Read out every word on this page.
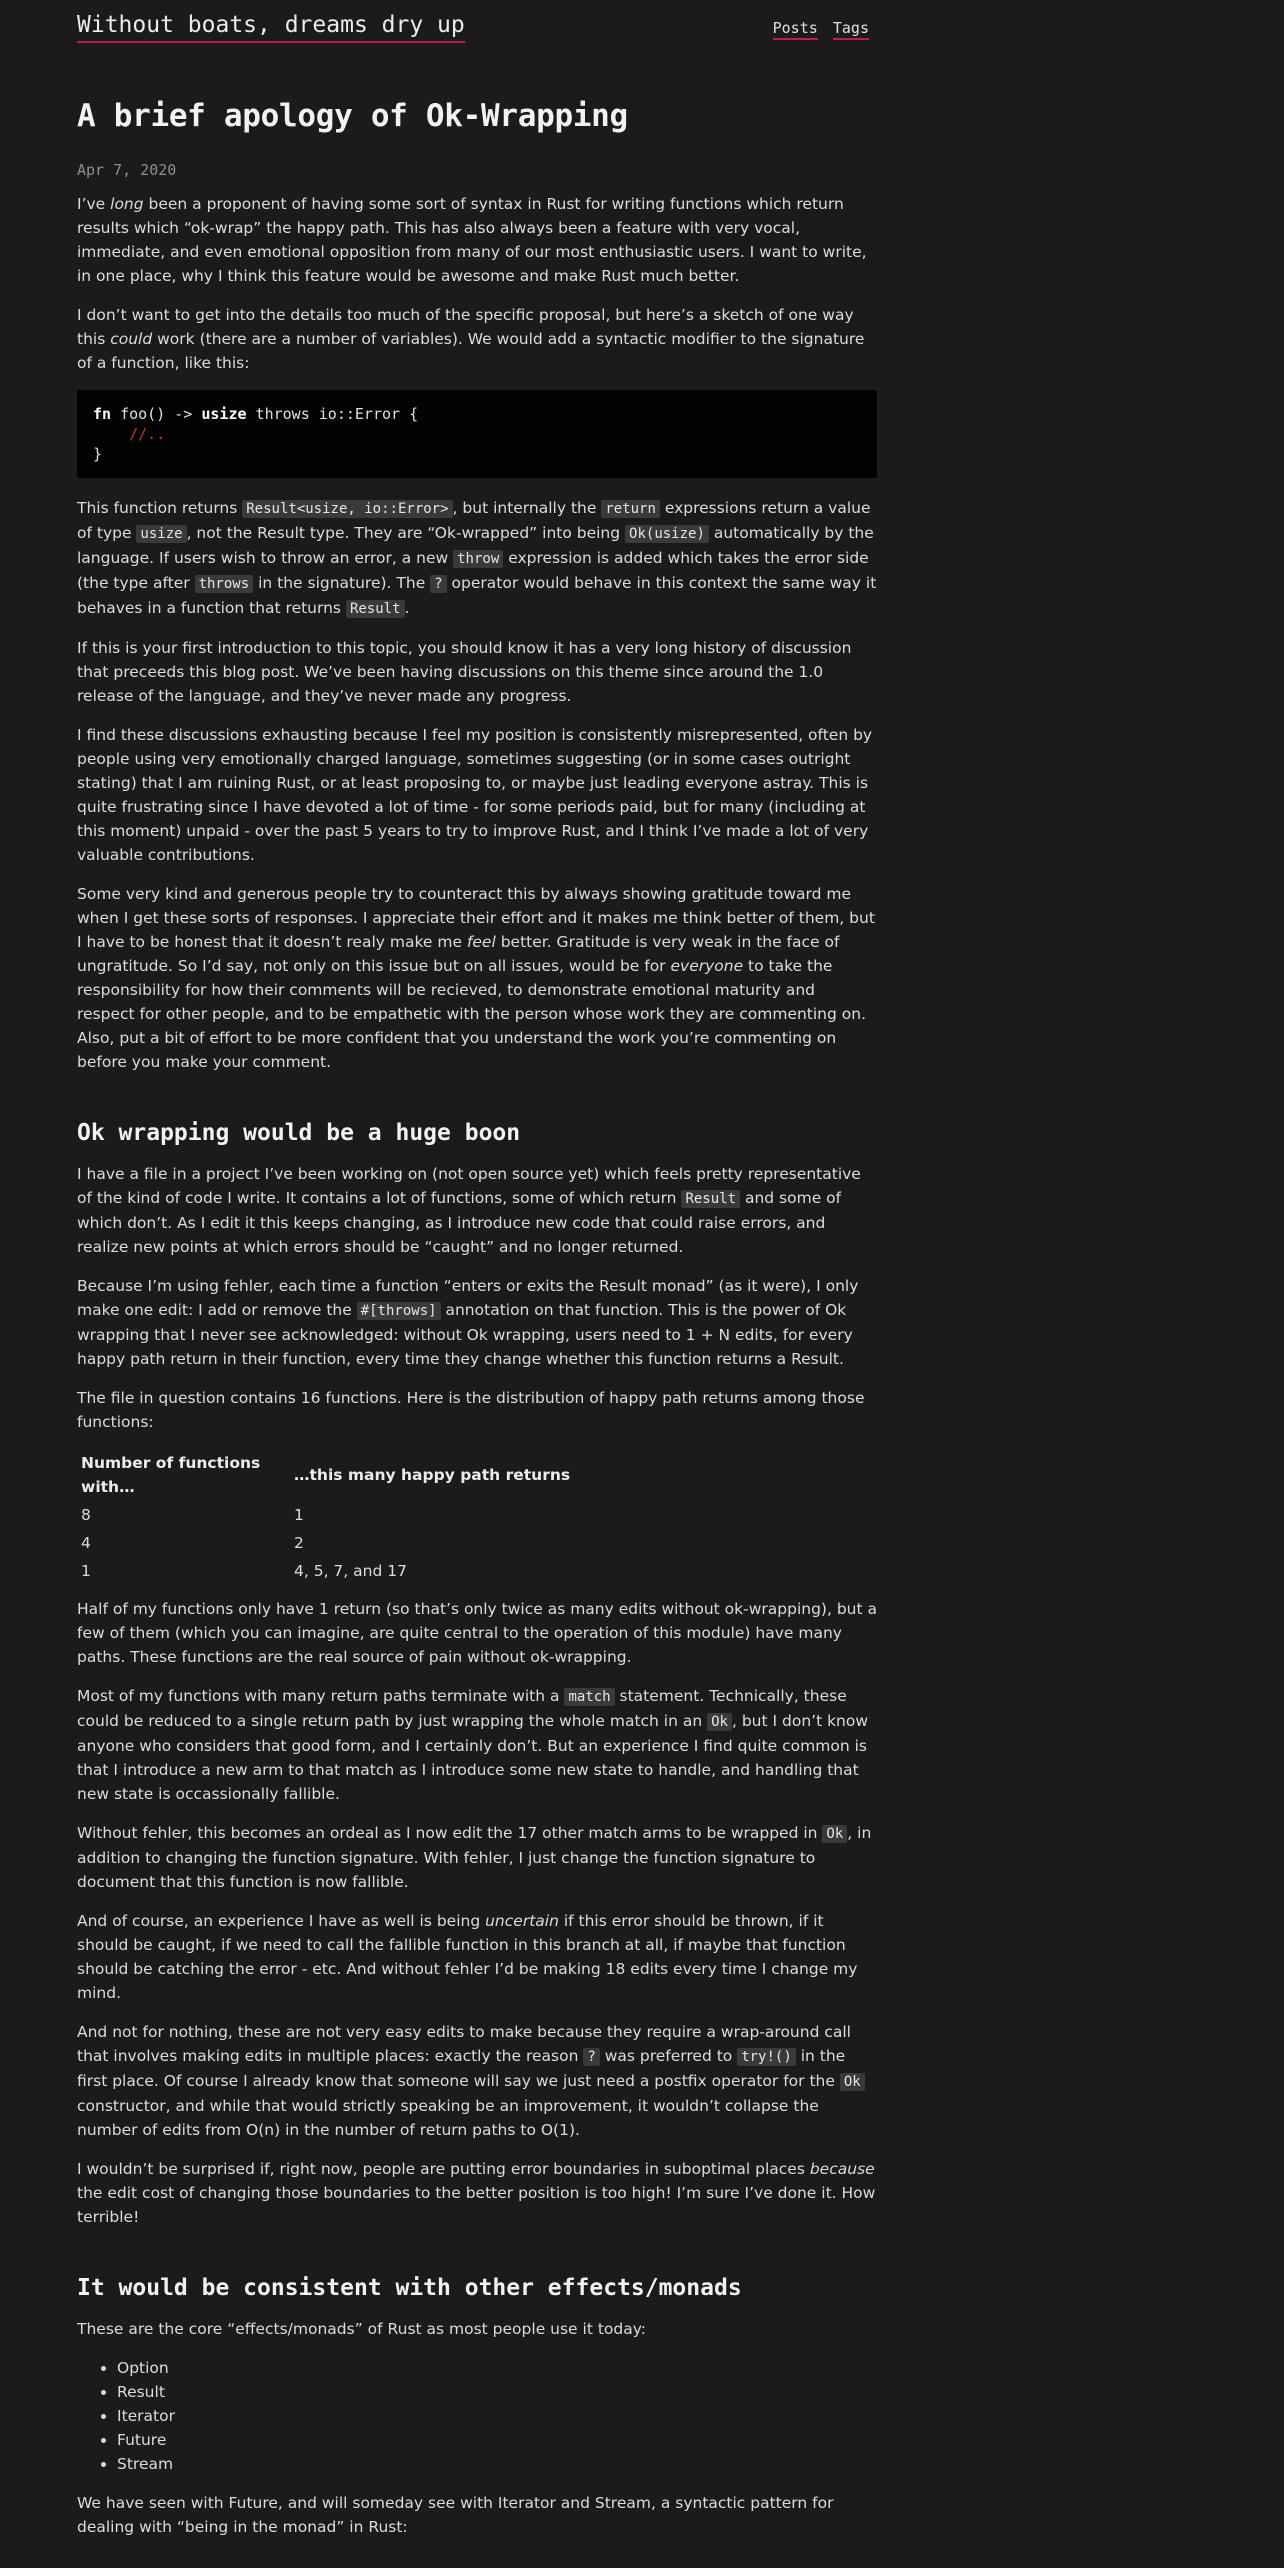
Without boats, dreams dry up	Posts Tags
A brief apology of Ok-Wrapping
Apr 7, 2020

I’ve long been a proponent of having some sort of syntax in Rust for writing functions which return results which “ok-wrap” the happy path. This has also always been a feature with very vocal, immediate, and even emotional opposition from many of our most enthusiastic users. I want to write, in one place, why I think this feature would be awesome and make Rust much better.

I don’t want to get into the details too much of the specific proposal, but here’s a sketch of one way this could work (there are a number of variables). We would add a syntactic modifier to the signature of a function, like this:

fn foo() -> usize throws io::Error {
//..
}

This function returns Result<usize, io::Error> , but internally the return expressions return a value of type usize , not the Result type. They are “Ok-wrapped” into being Ok(usize) automatically by the language. If users wish to throw an error, a new throw expression is added which takes the error side (the type after throws in the signature). The ? operator would behave in this context the same way it behaves in a function that returns Result .

If this is your first introduction to this topic, you should know it has a very long history of discussion that preceeds this blog post. We’ve been having discussions on this theme since around the 1.0 release of the language, and they’ve never made any progress.

I find these discussions exhausting because I feel my position is consistently misrepresented, often by people using very emotionally charged language, sometimes suggesting (or in some cases outright stating) that I am ruining Rust, or at least proposing to, or maybe just leading everyone astray. This is quite frustrating since I have devoted a lot of time - for some periods paid, but for many (including at this moment) unpaid - over the past 5 years to try to improve Rust, and I think I’ve made a lot of very valuable contributions.

Some very kind and generous people try to counteract this by always showing gratitude toward me when I get these sorts of responses. I appreciate their effort and it makes me think better of them, but I have to be honest that it doesn’t realy make me feel better. Gratitude is very weak in the face of ungratitude. So I’d say, not only on this issue but on all issues, would be for everyone to take the responsibility for how their comments will be recieved, to demonstrate emotional maturity and respect for other people, and to be empathetic with the person whose work they are commenting on. Also, put a bit of effort to be more confident that you understand the work you’re commenting on before you make your comment.

Ok wrapping would be a huge boon

I have a file in a project I’ve been working on (not open source yet) which feels pretty representative of the kind of code I write. It contains a lot of functions, some of which return Result and some of which don’t. As I edit it this keeps changing, as I introduce new code that could raise errors, and realize new points at which errors should be “caught” and no longer returned.

Because I’m using fehler, each time a function “enters or exits the Result monad” (as it were), I only make one edit: I add or remove the #[throws] annotation on that function. This is the power of Ok wrapping that I never see acknowledged: without Ok wrapping, users need to 1 + N edits, for every happy path return in their function, every time they change whether this function returns a Result.

The file in question contains 16 functions. Here is the distribution of happy path returns among those functions:

Number of functions with…	…this many happy path returns
8	1
4	2
1	4, 5, 7, and 17

Half of my functions only have 1 return (so that’s only twice as many edits without ok-wrapping), but a few of them (which you can imagine, are quite central to the operation of this module) have many paths. These functions are the real source of pain without ok-wrapping.

Most of my functions with many return paths terminate with a match statement. Technically, these could be reduced to a single return path by just wrapping the whole match in an Ok , but I don’t know anyone who considers that good form, and I certainly don’t. But an experience I find quite common is that I introduce a new arm to that match as I introduce some new state to handle, and handling that new state is occassionally fallible.

Without fehler, this becomes an ordeal as I now edit the 17 other match arms to be wrapped in Ok , in addition to changing the function signature. With fehler, I just change the function signature to document that this function is now fallible.

And of course, an experience I have as well is being uncertain if this error should be thrown, if it should be caught, if we need to call the fallible function in this branch at all, if maybe that function should be catching the error - etc. And without fehler I’d be making 18 edits every time I change my mind.

And not for nothing, these are not very easy edits to make because they require a wrap-around call that involves making edits in multiple places: exactly the reason ? was preferred to try!() in the first place. Of course I already know that someone will say we just need a postfix operator for the Ok constructor, and while that would strictly speaking be an improvement, it wouldn’t collapse the number of edits from O(n) in the number of return paths to O(1).

I wouldn’t be surprised if, right now, people are putting error boundaries in suboptimal places because the edit cost of changing those boundaries to the better position is too high! I’m sure I’ve done it. How terrible!

It would be consistent with other effects/monads

These are the core “effects/monads” of Rust as most people use it today:

• Option
• Result
• Iterator
• Future
• Stream

We have seen with Future, and will someday see with Iterator and Stream, a syntactic pattern for dealing with “being in the monad” in Rust:
